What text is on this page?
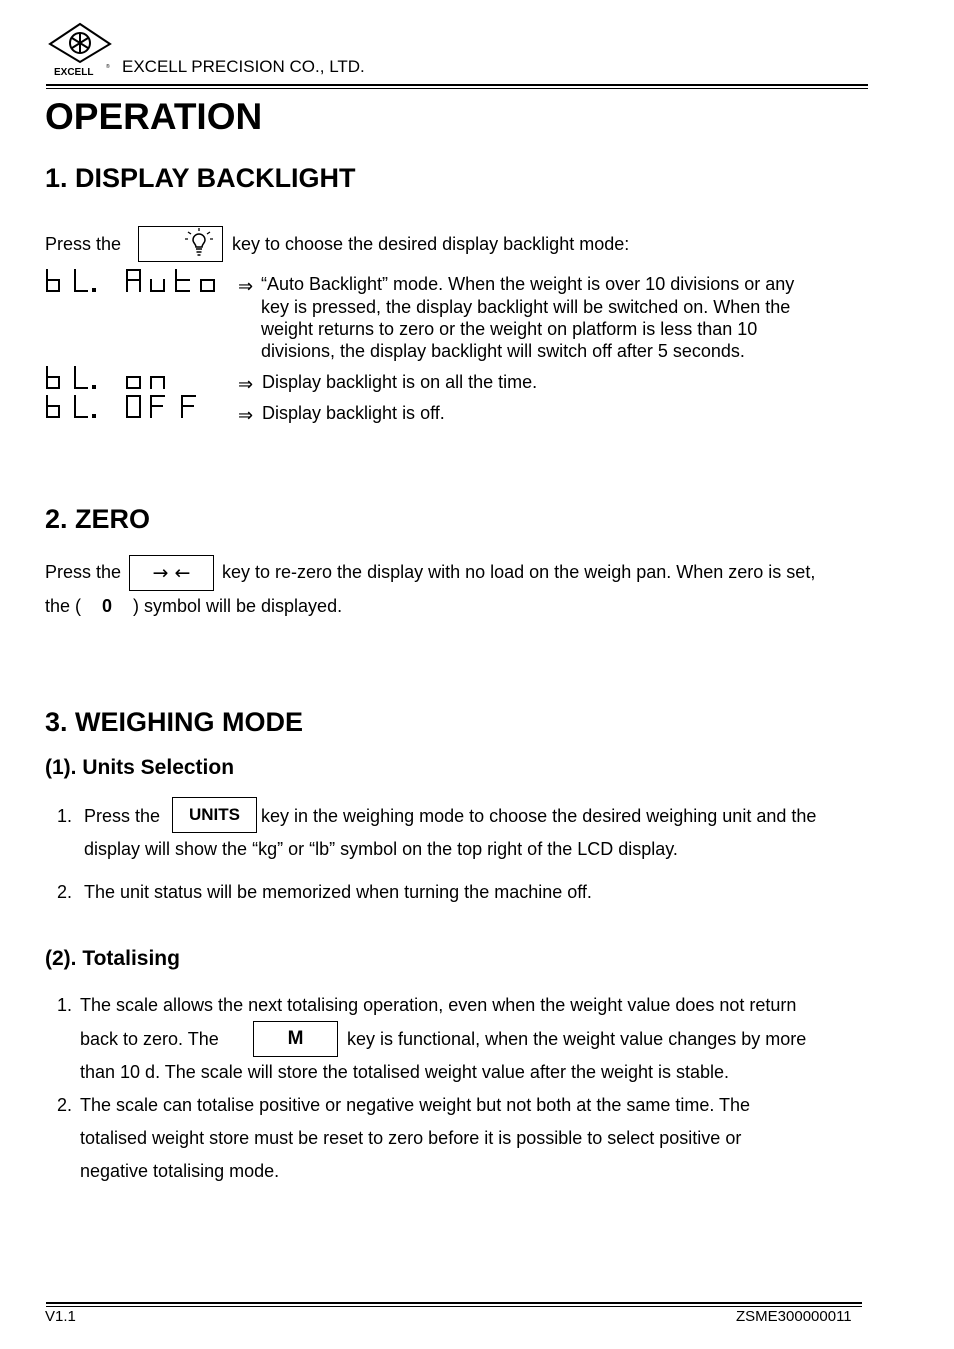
EXCELL	® EXCELL PRECISION CO., LTD.
OPERATION
1. DISPLAY BACKLIGHT
Press the	key to choose the desired display backlight mode:
⇒ “Auto Backlight” mode. When the weight is over 10 divisions or any
key is pressed, the display backlight will be switched on. When the
weight returns to zero or the weight on platform is less than 10
divisions, the display backlight will switch off after 5 seconds.
⇒ Display backlight is on all the time.
⇒ Display backlight is off.
2. ZERO
Press the → ← key to re-zero the display with no load on the weigh pan. When zero is set,
the ( 0 ) symbol will be displayed.
3. WEIGHING MODE
(1). Units Selection
1. Press the UNITS key in the weighing mode to choose the desired weighing unit and the
display will show the “kg” or “lb” symbol on the top right of the LCD display.
2. The unit status will be memorized when turning the machine off.
(2). Totalising
1. The scale allows the next totalising operation, even when the weight value does not return
back to zero. The	M key is functional, when the weight value changes by more
than 10 d. The scale will store the totalised weight value after the weight is stable.
2. The scale can totalise positive or negative weight but not both at the same time. The
totalised weight store must be reset to zero before it is possible to select positive or
negative totalising mode.
V1.1	ZSME300000011
